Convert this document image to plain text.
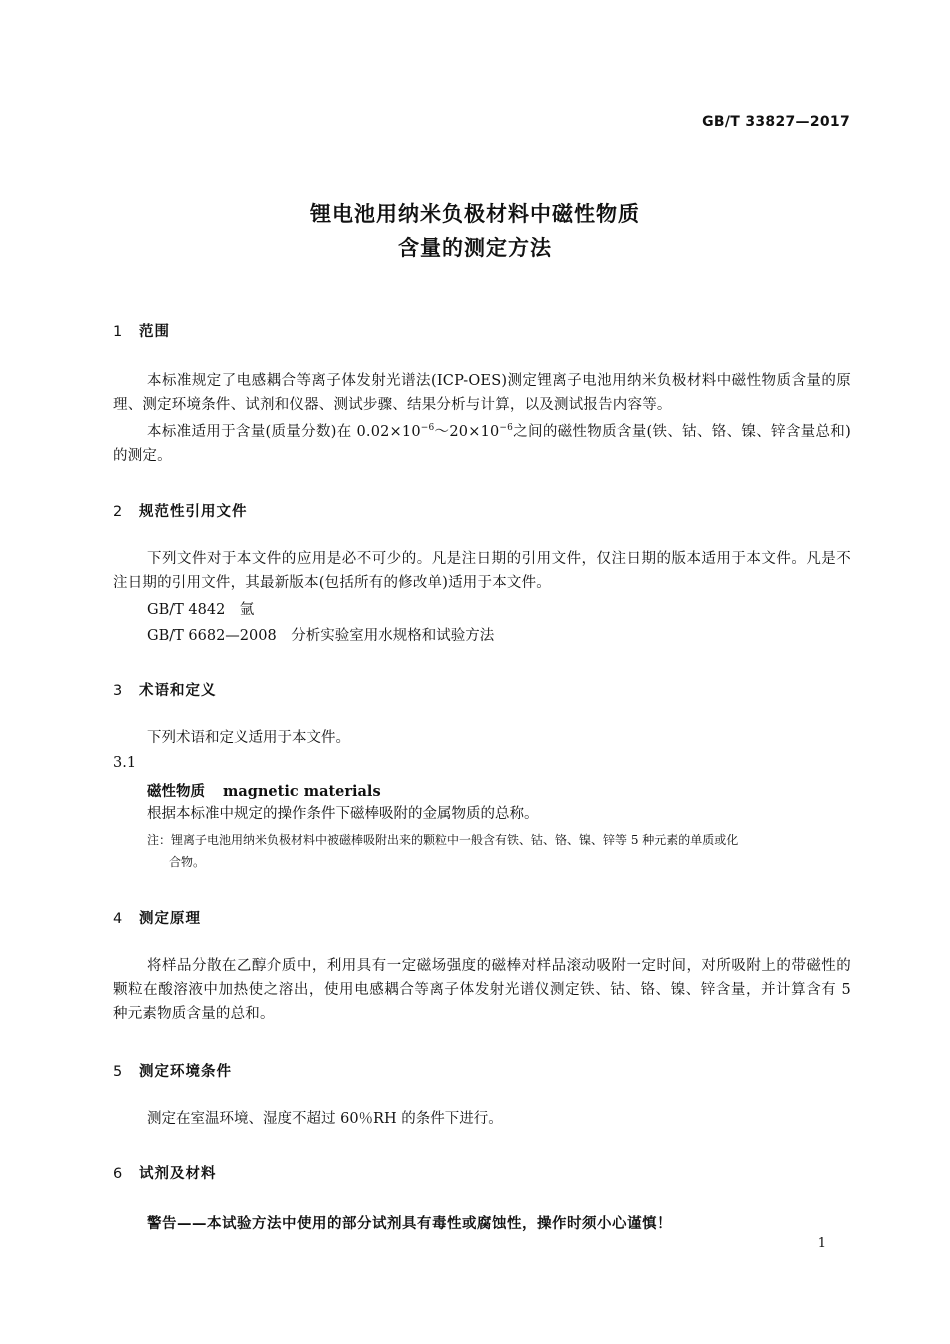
GB/T 33827—2017
锂电池用纳米负极材料中磁性物质
含量的测定方法
1 范围
本标准规定了电感耦合等离子体发射光谱法(ICP-OES)测定锂离子电池用纳米负极材料中磁性物质含量的原理、测定环境条件、试剂和仪器、测试步骤、结果分析与计算，以及测试报告内容等。
本标准适用于含量(质量分数)在 $0.02\times 10^{-6}\sim 20\times 10^{-6}$之间的磁性物质含量(铁、钴、铬、镍、锌含量总和)的测定。
2 规范性引用文件
下列文件对于本文件的应用是必不可少的。凡是注日期的引用文件，仅注日期的版本适用于本文件。凡是不注日期的引用文件，其最新版本(包括所有的修改单)适用于本文件。
GB/T 4842　氩
GB/T 6682—2008　分析实验室用水规格和试验方法
3 术语和定义
下列术语和定义适用于本文件。
3.1
磁性物质 magnetic materials
根据本标准中规定的操作条件下磁棒吸附的金属物质的总称。
注：锂离子电池用纳米负极材料中被磁棒吸附出来的颗粒中一般含有铁、钴、铬、镍、锌等 5 种元素的单质或化
合物。
4 测定原理
将样品分散在乙醇介质中，利用具有一定磁场强度的磁棒对样品滚动吸附一定时间，对所吸附上的带磁性的颗粒在酸溶液中加热使之溶出，使用电感耦合等离子体发射光谱仪测定铁、钴、铬、镍、锌含量，并计算含有 5 种元素物质含量的总和。
5 测定环境条件
测定在室温环境、湿度不超过 60％RH 的条件下进行。
6 试剂及材料
警告——本试验方法中使用的部分试剂具有毒性或腐蚀性，操作时须小心谨慎！
1
